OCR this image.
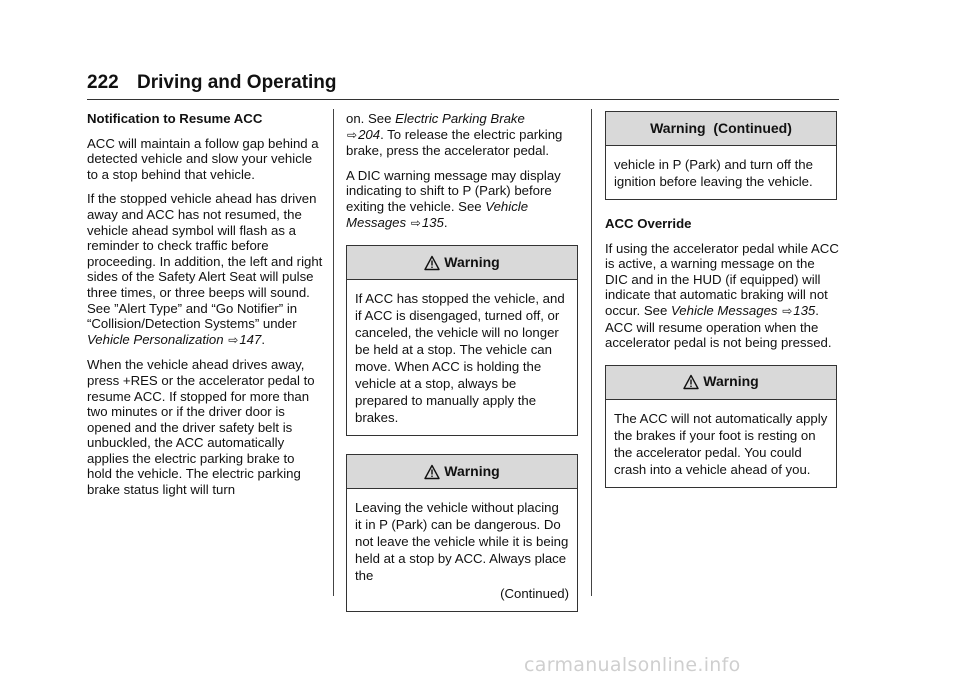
222 Driving and Operating
Notification to Resume ACC
ACC will maintain a follow gap behind a detected vehicle and slow your vehicle to a stop behind that vehicle.
If the stopped vehicle ahead has driven away and ACC has not resumed, the vehicle ahead symbol will flash as a reminder to check traffic before proceeding. In addition, the left and right sides of the Safety Alert Seat will pulse three times, or three beeps will sound. See ”Alert Type” and “Go Notifier” in “Collision/Detection Systems” under Vehicle Personalization ⇨147.
When the vehicle ahead drives away, press +RES or the accelerator pedal to resume ACC. If stopped for more than two minutes or if the driver door is opened and the driver safety belt is unbuckled, the ACC automatically applies the electric parking brake to hold the vehicle. The electric parking brake status light will turn
on. See Electric Parking Brake
⇨204. To release the electric parking brake, press the accelerator pedal.
A DIC warning message may display indicating to shift to P (Park) before exiting the vehicle. See Vehicle Messages ⇨135.
Warning
If ACC has stopped the vehicle, and if ACC is disengaged, turned off, or canceled, the vehicle will no longer be held at a stop. The vehicle can move. When ACC is holding the vehicle at a stop, always be prepared to manually apply the brakes.
Warning
Leaving the vehicle without placing it in P (Park) can be dangerous. Do not leave the vehicle while it is being held at a stop by ACC. Always place the
(Continued)
Warning  (Continued)
vehicle in P (Park) and turn off the ignition before leaving the vehicle.
ACC Override
If using the accelerator pedal while ACC is active, a warning message on the DIC and in the HUD (if equipped) will indicate that automatic braking will not occur. See Vehicle Messages ⇨135. ACC will resume operation when the accelerator pedal is not being pressed.
Warning
The ACC will not automatically apply the brakes if your foot is resting on the accelerator pedal. You could crash into a vehicle ahead of you.
carmanualsonline.info
